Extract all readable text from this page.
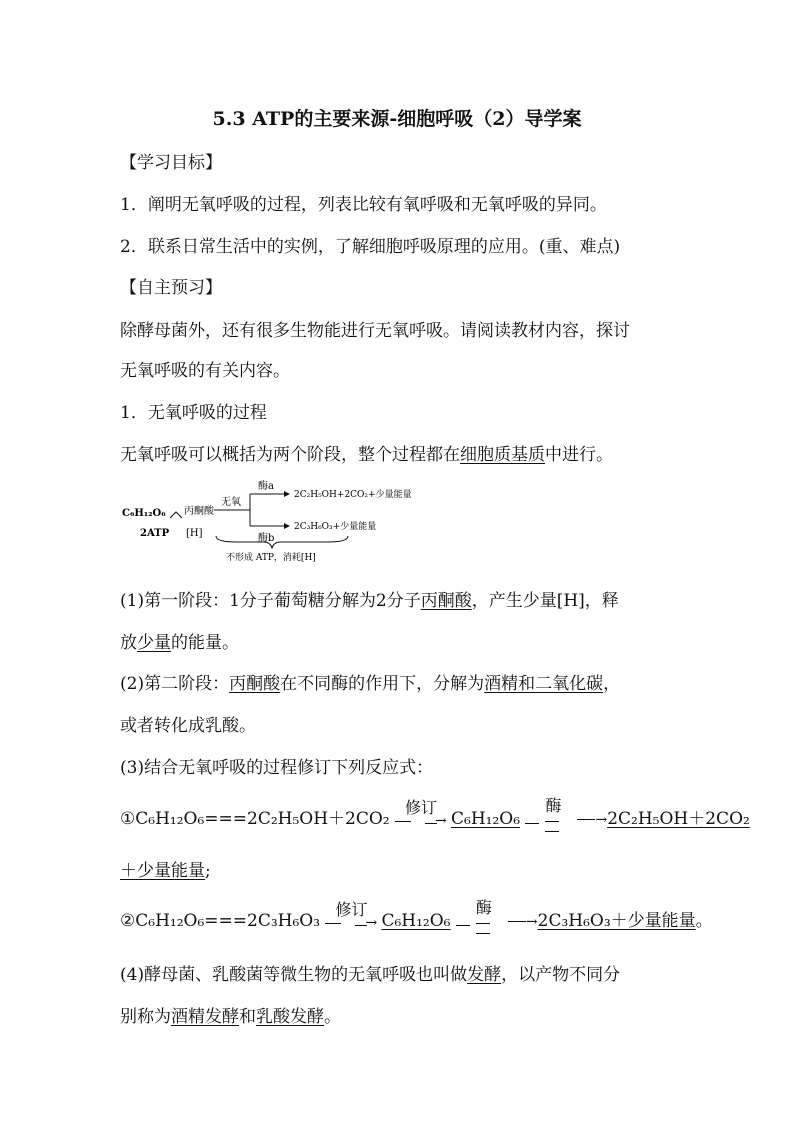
5.3 ATP的主要来源-细胞呼吸（2）导学案
【学习目标】
1．阐明无氧呼吸的过程，列表比较有氧呼吸和无氧呼吸的异同。
2．联系日常生活中的实例，了解细胞呼吸原理的应用。(重、难点)
【自主预习】
除酵母菌外，还有很多生物能进行无氧呼吸。请阅读教材内容，探讨
无氧呼吸的有关内容。
1．无氧呼吸的过程
无氧呼吸可以概括为两个阶段，整个过程都在细胞质基质中进行。
C₆H₁₂O₆
2ATP [H]
丙酮酸
无氧
酶a
酶b
2C₂H₅OH+2CO₂+少量能量
2C₃H₆O₃+少量能量
不形成 ATP，消耗[H]
(1)第一阶段：1分子葡萄糖分解为2分子丙酮酸，产生少量[H]，释
放少量的能量。
(2)第二阶段：丙酮酸在不同酶的作用下，分解为酒精和二氧化碳，
或者转化成乳酸。
(3)结合无氧呼吸的过程修订下列反应式：
①C₆H₁₂O₆===2C₂H₅OH＋2CO₂
修订
→ C₆H₁₂O₆
酶
→2C₂H₅OH＋2CO₂
＋少量能量;
②C₆H₁₂O₆===2C₃H₆O₃
修订
→ C₆H₁₂O₆
酶
→2C₃H₆O₃＋少量能量。
(4)酵母菌、乳酸菌等微生物的无氧呼吸也叫做发酵，以产物不同分
别称为酒精发酵和乳酸发酵。
